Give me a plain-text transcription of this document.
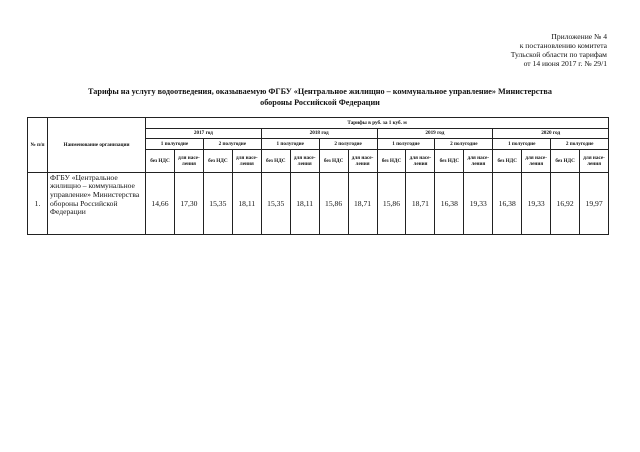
Приложение № 4
к постановлению комитета
Тульской области по тарифам
от 14 июня 2017 г. № 29/1
Тарифы на услугу водоотведения, оказываемую ФГБУ «Центральное жилищно – коммунальное управление» Министерства
обороны Российской Федерации
№ п/п	Наименование организации	Тарифы в руб. за 1 куб. м															
		2017 год				2018 год				2019 год				2020 год			
		1 полугодие		2 полугодие		1 полугодие		2 полугодие		1 полугодие		2 полугодие		1 полугодие		2 полугодие	
		без НДС	для насе-ления	без НДС	для насе-ления	без НДС	для насе-ления	без НДС	для насе-ления	без НДС	для насе-ления	без НДС	для насе-ления	без НДС	для насе-ления	без НДС	для насе-ления
1.	ФГБУ «Центральное жилищно – коммунальное управление» Министерства обороны Российской Федерации	14,66	17,30	15,35	18,11	15,35	18,11	15,86	18,71	15,86	18,71	16,38	19,33	16,38	19,33	16,92	19,97
